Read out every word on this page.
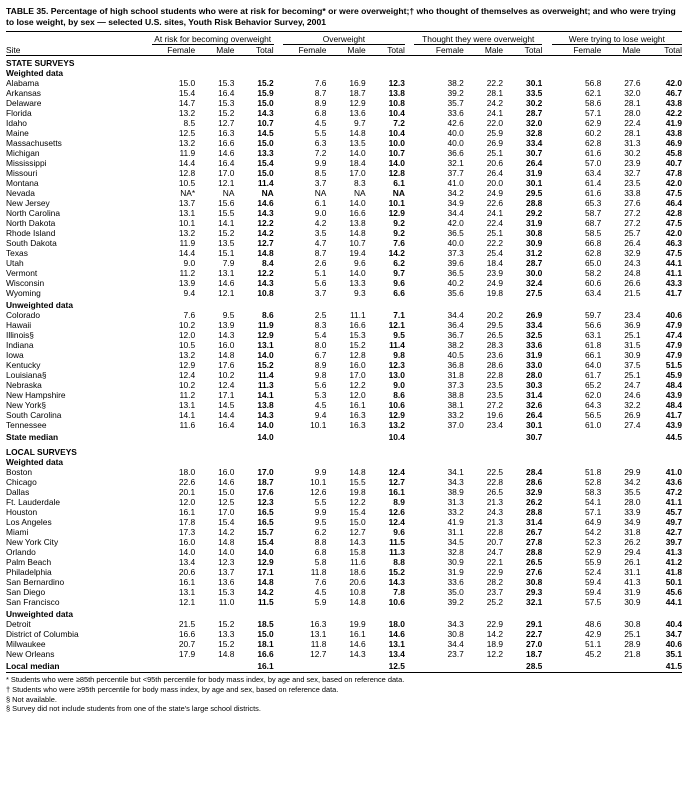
TABLE 35. Percentage of high school students who were at risk for becoming* or were overweight;† who thought of themselves as overweight; and who were trying to lose weight, by sex — selected U.S. sites, Youth Risk Behavior Survey, 2001

		At risk for becoming overweight				Overweight				Thought they were overweight				Were trying to lose weight		
Site		Female	Male	Total		Female	Male	Total		Female	Male	Total		Female	Male	Total

STATE SURVEYS																
Weighted data																
Alabama		15.0	15.3	15.2		7.6	16.9	12.3		38.2	22.2	30.1		56.8	27.6	42.0
Arkansas		15.4	16.4	15.9		8.7	18.7	13.8		39.2	28.1	33.5		62.1	32.0	46.7
Delaware		14.7	15.3	15.0		8.9	12.9	10.8		35.7	24.2	30.2		58.6	28.1	43.8
Florida		13.2	15.2	14.3		6.8	13.6	10.4		33.6	24.1	28.7		57.1	28.0	42.2
Idaho		8.5	12.7	10.7		4.5	9.7	7.2		42.6	22.0	32.0		62.9	22.4	41.9
Maine		12.5	16.3	14.5		5.5	14.8	10.4		40.0	25.9	32.8		60.2	28.1	43.8
Massachusetts		13.2	16.6	15.0		6.3	13.5	10.0		40.0	26.9	33.4		62.8	31.3	46.9
Michigan		11.9	14.6	13.3		7.2	14.0	10.7		36.6	25.1	30.7		61.6	30.2	45.8
Mississippi		14.4	16.4	15.4		9.9	18.4	14.0		32.1	20.6	26.4		57.0	23.9	40.7
Missouri		12.8	17.0	15.0		8.5	17.0	12.8		37.7	26.4	31.9		63.4	32.7	47.8
Montana		10.5	12.1	11.4		3.7	8.3	6.1		41.0	20.0	30.1		61.4	23.5	42.0
Nevada		NA*	NA	NA		NA	NA	NA		34.2	24.9	29.5		61.6	33.8	47.5
New Jersey		13.7	15.6	14.6		6.1	14.0	10.1		34.9	22.6	28.8		65.3	27.6	46.4
North Carolina		13.1	15.5	14.3		9.0	16.6	12.9		34.4	24.1	29.2		58.7	27.2	42.8
North Dakota		10.1	14.1	12.2		4.2	13.8	9.2		42.0	22.4	31.9		68.7	27.2	47.5
Rhode Island		13.2	15.2	14.2		3.5	14.8	9.2		36.5	25.1	30.8		58.5	25.7	42.0
South Dakota		11.9	13.5	12.7		4.7	10.7	7.6		40.0	22.2	30.9		66.8	26.4	46.3
Texas		14.4	15.1	14.8		8.7	19.4	14.2		37.3	25.4	31.2		62.8	32.9	47.5
Utah		9.0	7.9	8.4		2.6	9.6	6.2		39.6	18.4	28.7		65.0	24.3	44.1
Vermont		11.2	13.1	12.2		5.1	14.0	9.7		36.5	23.9	30.0		58.2	24.8	41.1
Wisconsin		13.9	14.6	14.3		5.6	13.3	9.6		40.2	24.9	32.4		60.6	26.6	43.3
Wyoming		9.4	12.1	10.8		3.7	9.3	6.6		35.6	19.8	27.5		63.4	21.5	41.7

Unweighted data																
Colorado		7.6	9.5	8.6		2.5	11.1	7.1		34.4	20.2	26.9		59.7	23.4	40.6
Hawaii		10.2	13.9	11.9		8.3	16.6	12.1		36.4	29.5	33.4		56.6	36.9	47.9
Illinois§		12.0	14.3	12.9		5.4	15.3	9.5		36.7	26.5	32.5		63.1	25.1	47.4
Indiana		10.5	16.0	13.1		8.0	15.2	11.4		38.2	28.3	33.6		61.8	31.5	47.9
Iowa		13.2	14.8	14.0		6.7	12.8	9.8		40.5	23.6	31.9		66.1	30.9	47.9
Kentucky		12.9	17.6	15.2		8.9	16.0	12.3		36.8	28.6	33.0		64.0	37.5	51.5
Louisiana§		12.4	10.2	11.4		9.8	17.0	13.0		31.8	22.8	28.0		61.7	25.1	45.9
Nebraska		10.2	12.4	11.3		5.6	12.2	9.0		37.3	23.5	30.3		65.2	24.7	48.4
New Hampshire		11.2	17.1	14.1		5.3	12.0	8.6		38.8	23.5	31.4		62.0	24.6	43.9
New York§		13.1	14.5	13.8		4.5	16.1	10.6		38.1	27.2	32.6		64.3	32.2	48.4
South Carolina		14.1	14.4	14.3		9.4	16.3	12.9		33.2	19.6	26.4		56.5	26.9	41.7
Tennessee		11.6	16.4	14.0		10.1	16.3	13.2		37.0	23.4	30.1		61.0	27.4	43.9

State median				14.0				10.4				30.7				44.5

LOCAL SURVEYS																
Weighted data																
Boston		18.0	16.0	17.0		9.9	14.8	12.4		34.1	22.5	28.4		51.8	29.9	41.0
Chicago		22.6	14.6	18.7		10.1	15.5	12.7		34.3	22.8	28.6		52.8	34.2	43.6
Dallas		20.1	15.0	17.6		12.6	19.8	16.1		38.9	26.5	32.9		58.3	35.5	47.2
Ft. Lauderdale		12.0	12.5	12.3		5.5	12.2	8.9		31.3	21.3	26.2		54.1	28.0	41.1
Houston		16.1	17.0	16.5		9.9	15.4	12.6		33.2	24.3	28.8		57.1	33.9	45.7
Los Angeles		17.8	15.4	16.5		9.5	15.0	12.4		41.9	21.3	31.4		64.9	34.9	49.7
Miami		17.3	14.2	15.7		6.2	12.7	9.6		31.1	22.8	26.7		54.2	31.8	42.7
New York City		16.0	14.8	15.4		8.8	14.3	11.5		34.5	20.7	27.8		52.3	26.2	39.7
Orlando		14.0	14.0	14.0		6.8	15.8	11.3		32.8	24.7	28.8		52.9	29.4	41.3
Palm Beach		13.4	12.3	12.9		5.8	11.6	8.8		30.9	22.1	26.5		55.9	26.1	41.2
Philadelphia		20.6	13.7	17.1		11.8	18.6	15.2		31.9	22.9	27.6		52.4	31.1	41.8
San Bernardino		16.1	13.6	14.8		7.6	20.6	14.3		33.6	28.2	30.8		59.4	41.3	50.1
San Diego		13.1	15.3	14.2		4.5	10.8	7.8		35.0	23.7	29.3		59.4	31.9	45.6
San Francisco		12.1	11.0	11.5		5.9	14.8	10.6		39.2	25.2	32.1		57.5	30.9	44.1

Unweighted data																
Detroit		21.5	15.2	18.5		16.3	19.9	18.0		34.3	22.9	29.1		48.6	30.8	40.4
District of Columbia		16.6	13.3	15.0		13.1	16.1	14.6		30.8	14.2	22.7		42.9	25.1	34.7
Milwaukee		20.7	15.2	18.1		11.8	14.6	13.1		34.4	18.9	27.0		51.1	28.9	40.6
New Orleans		17.9	14.8	16.6		12.7	14.3	13.4		23.7	12.2	18.7		45.2	21.8	35.1

Local median				16.1				12.5				28.5				41.5
* Students who were ≥85th percentile but <95th percentile for body mass index, by age and sex, based on reference data.
† Students who were ≥95th percentile for body mass index, by age and sex, based on reference data.
§ Not available.
§ Survey did not include students from one of the state's large school districts.
